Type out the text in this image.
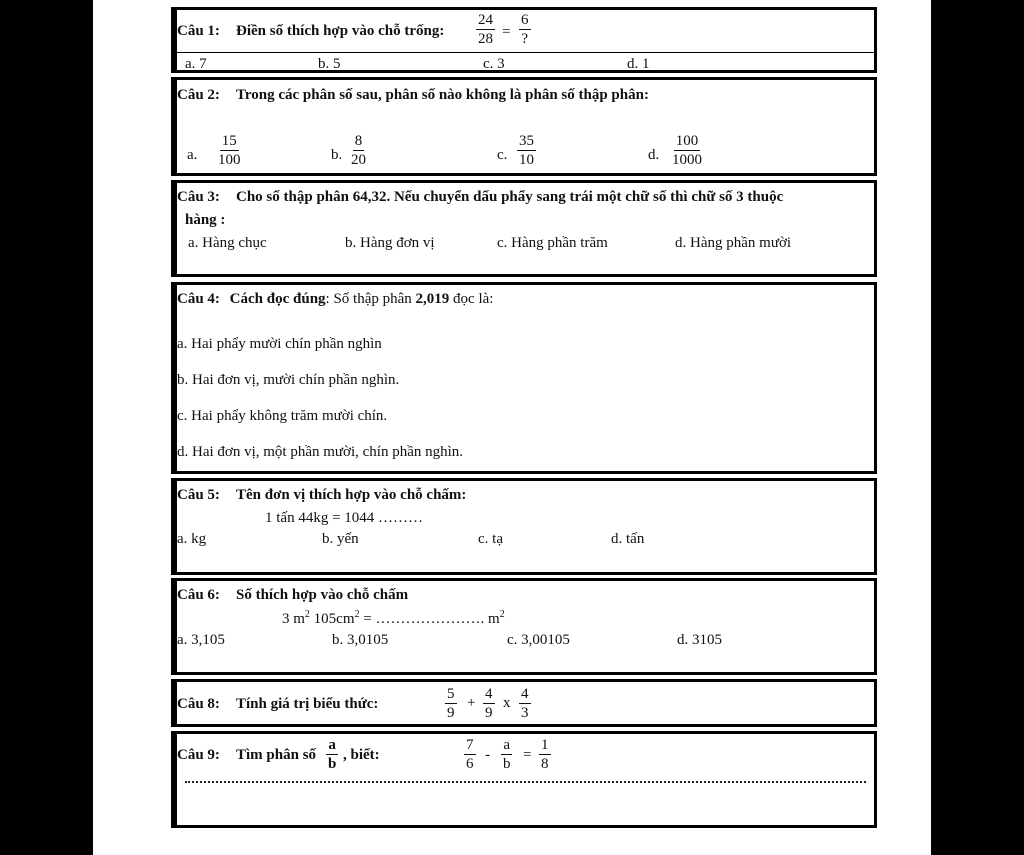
Câu 1: Điền số thích hợp vào chỗ trống: $\frac{24}{28}$ =
6
?
a. 7	b. 5	c. 3	d. 1
Câu 2: Trong các phân số sau, phân số nào không là phân số thập phân:
a. $\frac{15}{100}$	b. $\frac{8}{20}$	c. $\frac{35}{10}$	d. $\frac{100}{1000}$
Câu 3: Cho số thập phân 64,32. Nếu chuyển dấu phẩy sang trái một chữ số thì chữ số 3 thuộc
hàng :
a. Hàng chục	b. Hàng đơn vị	c. Hàng phần trăm	d. Hàng phần mười
Câu 4: Cách đọc đúng: Số thập phân 2,019 đọc là:
a. Hai phẩy mười chín phần nghìn
b. Hai đơn vị, mười chín phần nghìn.
c. Hai phẩy không trăm mười chín.
d. Hai đơn vị, một phần mười, chín phần nghìn.
Câu 5: Tên đơn vị thích hợp vào chỗ chấm:
1 tấn 44kg = 1044 ………
a. kg	b. yến	c. tạ	d. tấn
Câu 6: Số thích hợp vào chỗ chấm
3 $m^2$ $105cm^2$ = …………………. $m^2$
a. 3,105	b. 3,0105	c. 3,00105	d. 3105
Câu 8: Tính giá trị biểu thức:	$\frac{5}{9} + \frac{4}{9}$ x $\frac{4}{3}$
Câu 9: Tìm phân số $\frac{a}{b}$ , biết:	$\frac{7}{6} - \frac{a}{b} = \frac{1}{8}$
